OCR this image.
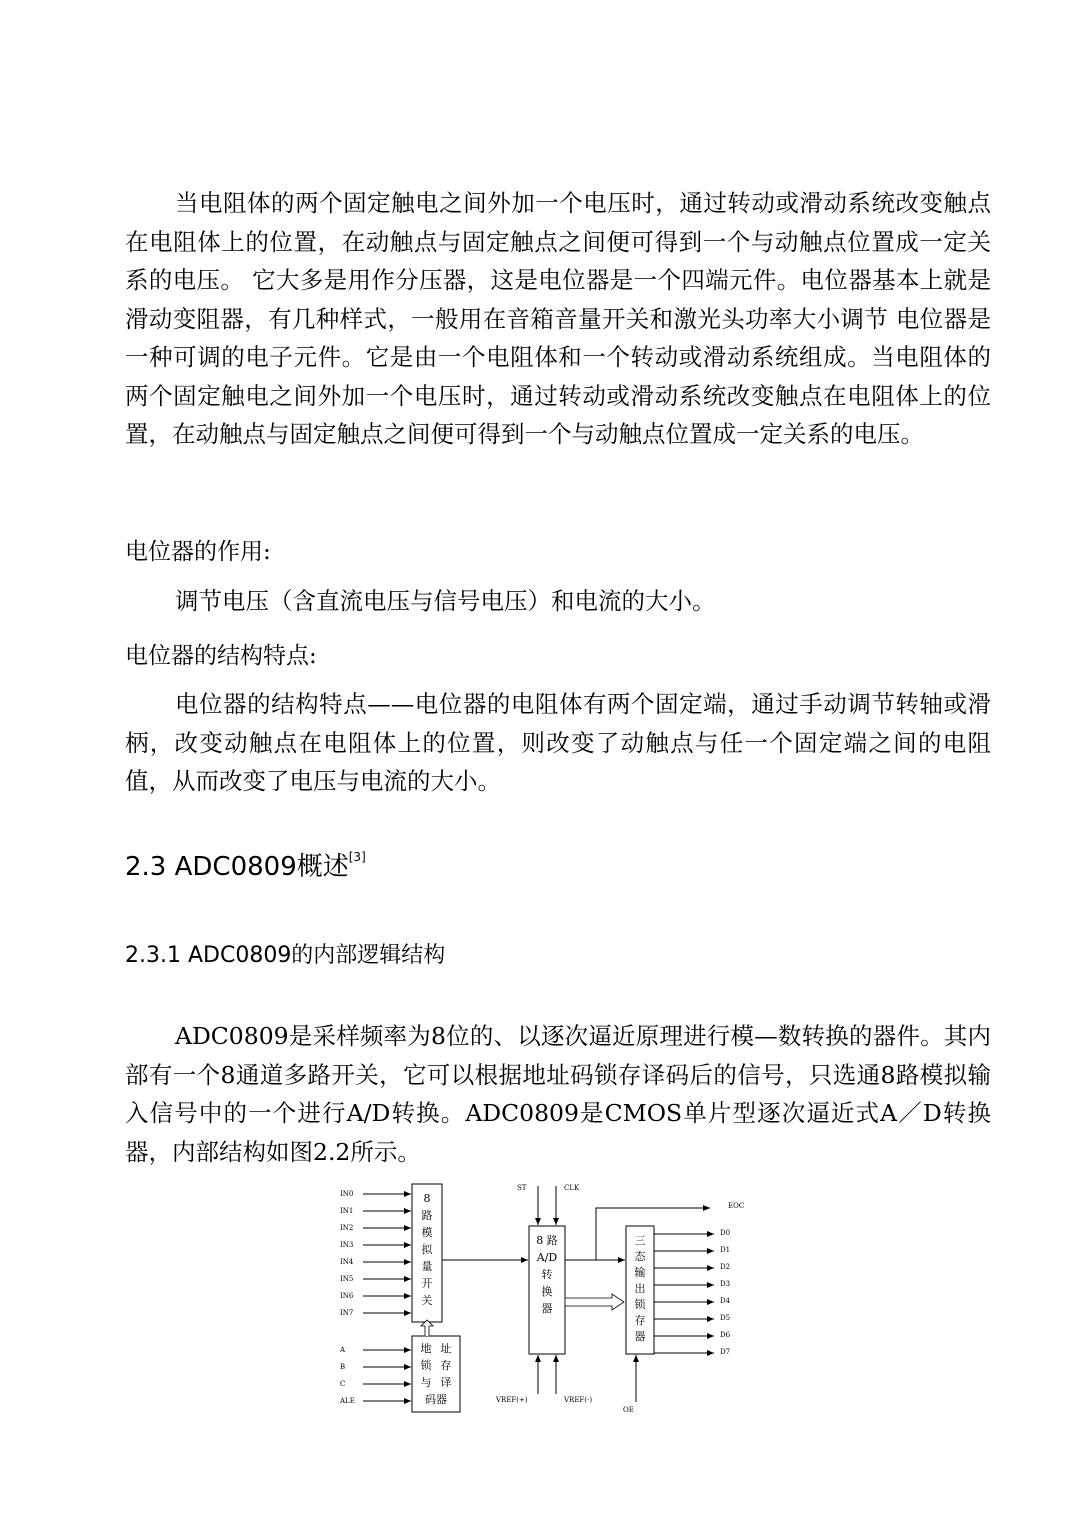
当电阻体的两个固定触电之间外加一个电压时，通过转动或滑动系统改变触点在电阻体上的位置，在动触点与固定触点之间便可得到一个与动触点位置成一定关系的电压。 它大多是用作分压器，这是电位器是一个四端元件。电位器基本上就是滑动变阻器，有几种样式，一般用在音箱音量开关和激光头功率大小调节 电位器是一种可调的电子元件。它是由一个电阻体和一个转动或滑动系统组成。当电阻体的两个固定触电之间外加一个电压时，通过转动或滑动系统改变触点在电阻体上的位置，在动触点与固定触点之间便可得到一个与动触点位置成一定关系的电压。

电位器的作用:

调节电压（含直流电压与信号电压）和电流的大小。

电位器的结构特点:

电位器的结构特点——电位器的电阻体有两个固定端，通过手动调节转轴或滑柄，改变动触点在电阻体上的位置，则改变了动触点与任一个固定端之间的电阻值，从而改变了电压与电流的大小。

2.3 ADC0809概述[3]
2.3.1 ADC0809的内部逻辑结构

ADC0809是采样频率为8位的、以逐次逼近原理进行模—数转换的器件。其内部有一个8通道多路开关，它可以根据地址码锁存译码后的信号，只选通8路模拟输入信号中的一个进行A/D转换。ADC0809是CMOS单片型逐次逼近式A／D转换器，内部结构如图2.2所示。

IN0
IN1
IN2
IN3
IN4
IN5
IN6
IN7
A
B
C
ALE
8
路
模
拟
量
开
关
地 址
锁 存
与 译
码器
8 路
A/D
转
换
器
三
态
输
出
锁
存
器
D0
D1
D2
D3
D4
D5
D6
D7
ST	CLK
EOC
VREF(+)	VREF(-)
OE
